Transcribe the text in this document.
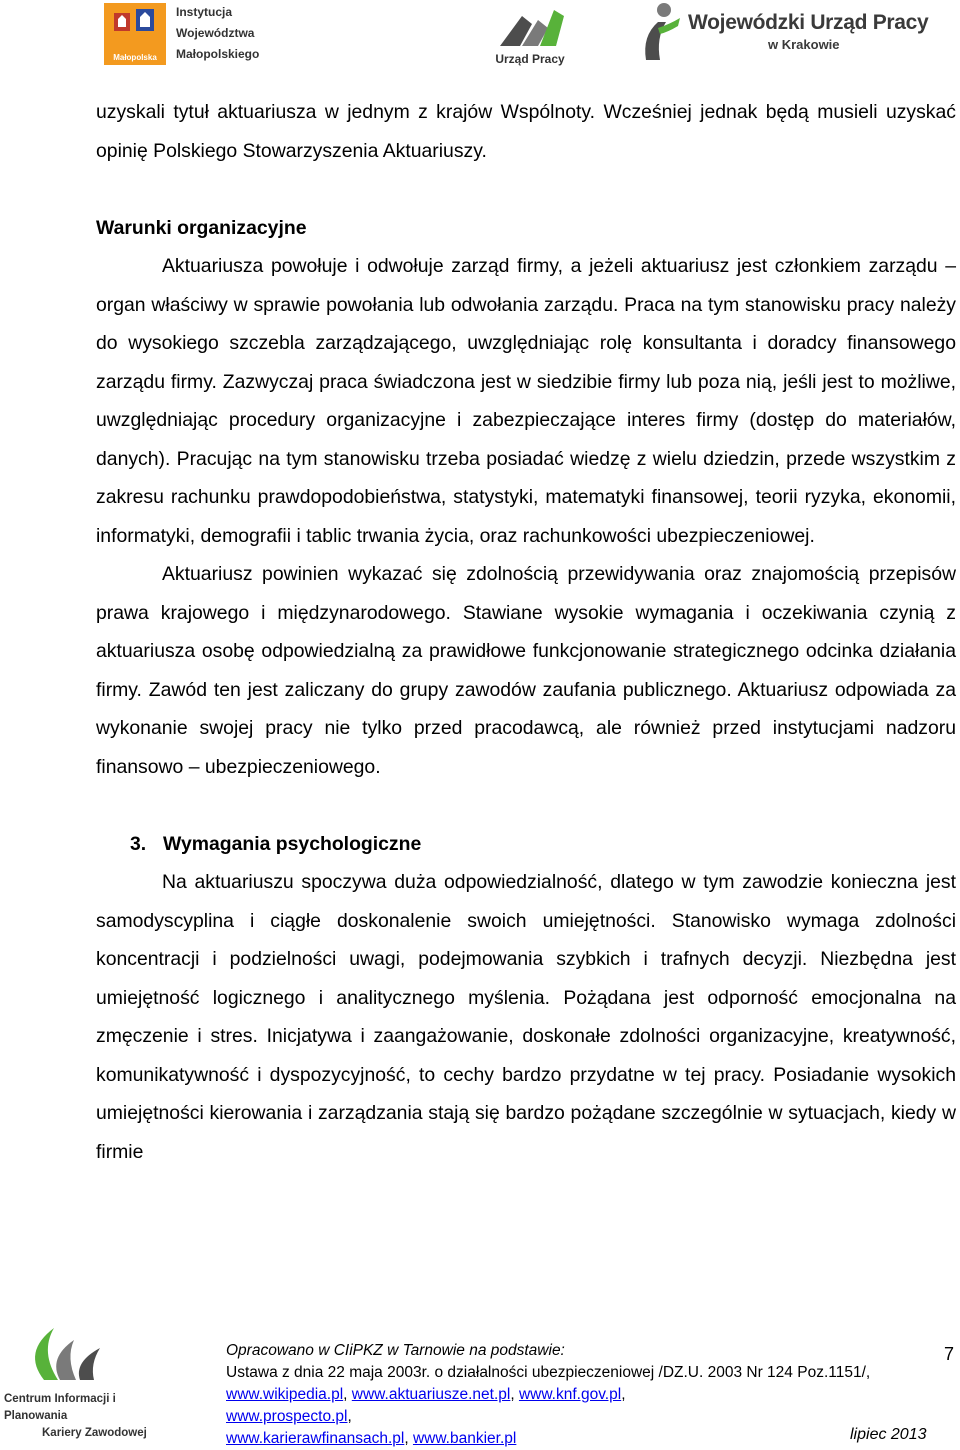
Małopolska
Instytucja
Województwa
Małopolskiego	Urząd Pracy
Wojewódzki Urząd Pracy
w Krakowie

uzyskali tytuł aktuariusza w jednym z krajów Wspólnoty. Wcześniej jednak będą musieli uzyskać opinię Polskiego Stowarzyszenia Aktuariuszy.

Warunki organizacyjne

Aktuariusza powołuje i odwołuje zarząd firmy, a jeżeli aktuariusz jest członkiem zarządu – organ właściwy w sprawie powołania lub odwołania zarządu. Praca na tym stanowisku pracy należy do wysokiego szczebla zarządzającego, uwzględniając rolę konsultanta i doradcy finansowego zarządu firmy. Zazwyczaj praca świadczona jest w siedzibie firmy lub poza nią, jeśli jest to możliwe, uwzględniając procedury organizacyjne i zabezpieczające interes firmy (dostęp do materiałów, danych). Pracując na tym stanowisku trzeba posiadać wiedzę z wielu dziedzin, przede wszystkim z zakresu rachunku prawdopodobieństwa, statystyki, matematyki finansowej, teorii ryzyka, ekonomii, informatyki, demografii i tablic trwania życia, oraz rachunkowości ubezpieczeniowej.

Aktuariusz powinien wykazać się zdolnością przewidywania oraz znajomością przepisów prawa krajowego i międzynarodowego. Stawiane wysokie wymagania i oczekiwania czynią z aktuariusza osobę odpowiedzialną za prawidłowe funkcjonowanie strategicznego odcinka działania firmy. Zawód ten jest zaliczany do grupy zawodów zaufania publicznego. Aktuariusz odpowiada za wykonanie swojej pracy nie tylko przed pracodawcą, ale również przed instytucjami nadzoru finansowo – ubezpieczeniowego.

3. Wymagania psychologiczne

Na aktuariuszu spoczywa duża odpowiedzialność, dlatego w tym zawodzie konieczna jest samodyscyplina i ciągłe doskonalenie swoich umiejętności. Stanowisko wymaga zdolności koncentracji i podzielności uwagi, podejmowania szybkich i trafnych decyzji. Niezbędna jest umiejętność logicznego i analitycznego myślenia. Pożądana jest odporność emocjonalna na zmęczenie i stres. Inicjatywa i zaangażowanie, doskonałe zdolności organizacyjne, kreatywność, komunikatywność i dyspozycyjność, to cechy bardzo przydatne w tej pracy. Posiadanie wysokich umiejętności kierowania i zarządzania stają się bardzo pożądane szczególnie w sytuacjach, kiedy w firmie

Centrum Informacji i Planowania
Kariery Zawodowej
Opracowano w CIiPKZ w Tarnowie na podstawie:
Ustawa z dnia 22 maja 2003r. o działalności ubezpieczeniowej /DZ.U. 2003 Nr 124 Poz.1151/, www.wikipedia.pl, www.aktuariusze.net.pl, www.knf.gov.pl,
www.prospecto.pl,
www.karierawfinansach.pl, www.bankier.pl
7
lipiec 2013
